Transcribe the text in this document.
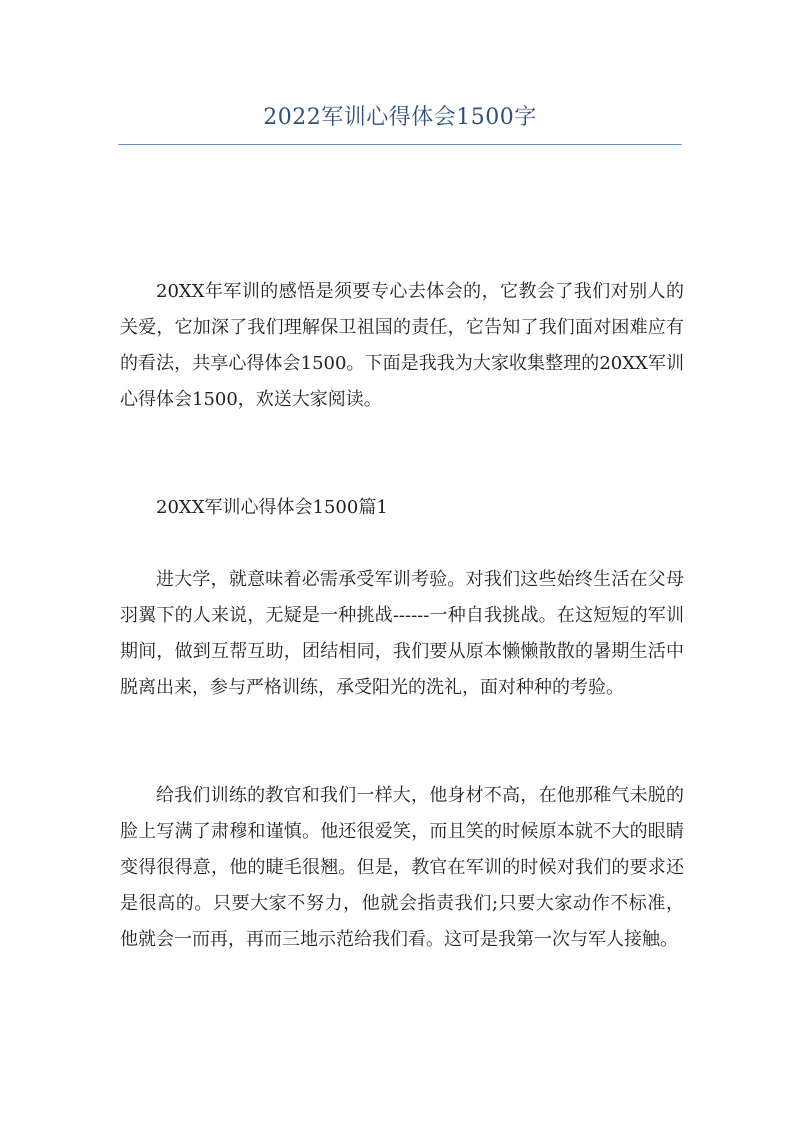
2022军训心得体会1500字

20XX年军训的感悟是须要专心去体会的，它教会了我们对别人的关爱，它加深了我们理解保卫祖国的责任，它告知了我们面对困难应有的看法，共享心得体会1500。下面是我我为大家收集整理的20XX军训心得体会1500，欢送大家阅读。

20XX军训心得体会1500篇1

进大学，就意味着必需承受军训考验。对我们这些始终生活在父母羽翼下的人来说，无疑是一种挑战------一种自我挑战。在这短短的军训期间，做到互帮互助，团结相同，我们要从原本懒懒散散的暑期生活中脱离出来，参与严格训练，承受阳光的洗礼，面对种种的考验。

给我们训练的教官和我们一样大，他身材不高，在他那稚气未脱的脸上写满了肃穆和谨慎。他还很爱笑，而且笑的时候原本就不大的眼睛变得很得意，他的睫毛很翘。但是，教官在军训的时候对我们的要求还是很高的。只要大家不努力，他就会指责我们;只要大家动作不标准，他就会一而再，再而三地示范给我们看。这可是我第一次与军人接触。
